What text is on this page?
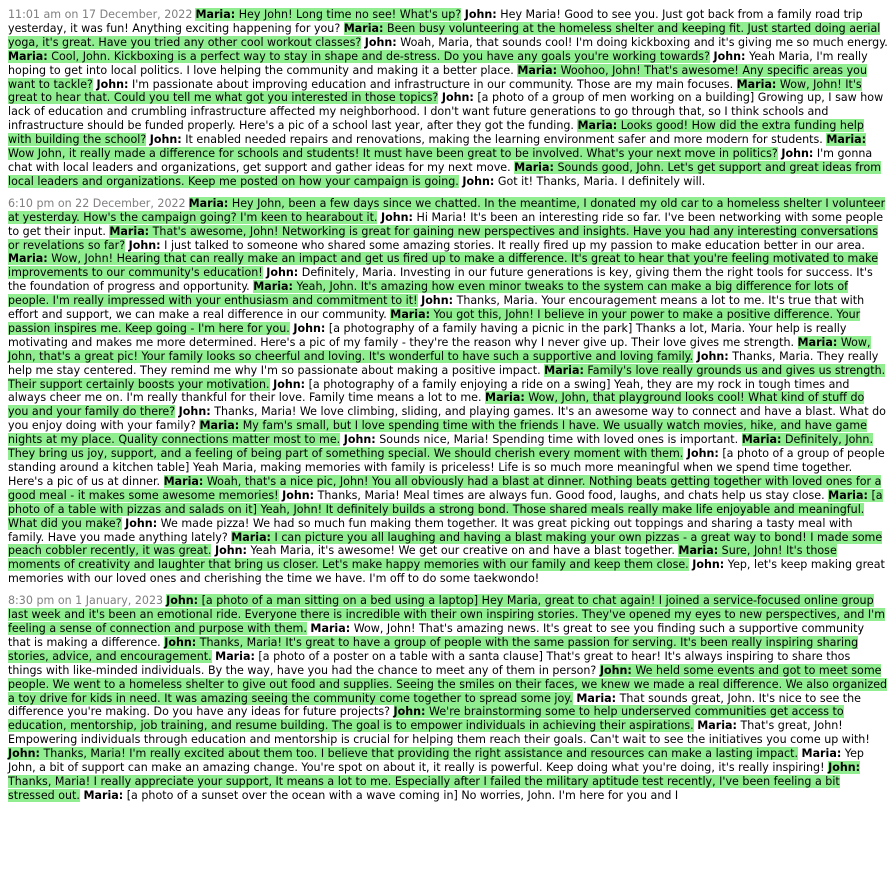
11:01 am on 17 December, 2022 Maria: Hey John! Long time no see! What's up? John: Hey Maria! Good to see you. Just got back from a family road trip yesterday, it was fun! Anything exciting happening for you? Maria: Been busy volunteering at the homeless shelter and keeping fit. Just started doing aerial yoga, it's great. Have you tried any other cool workout classes? John: Woah, Maria, that sounds cool! I'm doing kickboxing and it's giving me so much energy. Maria: Cool, John. Kickboxing is a perfect way to stay in shape and de-stress. Do you have any goals you're working towards? John: Yeah Maria, I'm really hoping to get into local politics. I love helping the community and making it a better place. Maria: Woohoo, John! That's awesome! Any specific areas you want to tackle? John: I'm passionate about improving education and infrastructure in our community. Those are my main focuses. Maria: Wow, John! It's great to hear that. Could you tell me what got you interested in those topics? John: [a photo of a group of men working on a building] Growing up, I saw how lack of education and crumbling infrastructure affected my neighborhood. I don't want future generations to go through that, so I think schools and infrastructure should be funded properly. Here's a pic of a school last year, after they got the funding. Maria: Looks good! How did the extra funding help with building the school? John: It enabled needed repairs and renovations, making the learning environment safer and more modern for students. Maria: Wow John, it really made a difference for schools and students! It must have been great to be involved. What's your next move in politics? John: I'm gonna chat with local leaders and organizations, get support and gather ideas for my next move. Maria: Sounds good, John. Let's get support and great ideas from local leaders and organizations. Keep me posted on how your campaign is going. John: Got it! Thanks, Maria. I definitely will.
6:10 pm on 22 December, 2022 Maria: Hey John, been a few days since we chatted. In the meantime, I donated my old car to a homeless shelter I volunteer at yesterday. How's the campaign going? I'm keen to hearabout it. John: Hi Maria! It's been an interesting ride so far. I've been networking with some people to get their input. Maria: That's awesome, John! Networking is great for gaining new perspectives and insights. Have you had any interesting conversations or revelations so far? John: I just talked to someone who shared some amazing stories. It really fired up my passion to make education better in our area. Maria: Wow, John! Hearing that can really make an impact and get us fired up to make a difference. It's great to hear that you're feeling motivated to make improvements to our community's education! John: Definitely, Maria. Investing in our future generations is key, giving them the right tools for success. It's the foundation of progress and opportunity. Maria: Yeah, John. It's amazing how even minor tweaks to the system can make a big difference for lots of people. I'm really impressed with your enthusiasm and commitment to it! John: Thanks, Maria. Your encouragement means a lot to me. It's true that with effort and support, we can make a real difference in our community. Maria: You got this, John! I believe in your power to make a positive difference. Your passion inspires me. Keep going - I'm here for you. John: [a photography of a family having a picnic in the park] Thanks a lot, Maria. Your help is really motivating and makes me more determined. Here's a pic of my family - they're the reason why I never give up. Their love gives me strength. Maria: Wow, John, that's a great pic! Your family looks so cheerful and loving. It's wonderful to have such a supportive and loving family. John: Thanks, Maria. They really help me stay centered. They remind me why I'm so passionate about making a positive impact. Maria: Family's love really grounds us and gives us strength. Their support certainly boosts your motivation. John: [a photography of a family enjoying a ride on a swing] Yeah, they are my rock in tough times and always cheer me on. I'm really thankful for their love. Family time means a lot to me. Maria: Wow, John, that playground looks cool! What kind of stuff do you and your family do there? John: Thanks, Maria! We love climbing, sliding, and playing games. It's an awesome way to connect and have a blast. What do you enjoy doing with your family? Maria: My fam's small, but I love spending time with the friends I have. We usually watch movies, hike, and have game nights at my place. Quality connections matter most to me. John: Sounds nice, Maria! Spending time with loved ones is important. Maria: Definitely, John. They bring us joy, support, and a feeling of being part of something special. We should cherish every moment with them. John: [a photo of a group of people standing around a kitchen table] Yeah Maria, making memories with family is priceless! Life is so much more meaningful when we spend time together. Here's a pic of us at dinner. Maria: Woah, that's a nice pic, John! You all obviously had a blast at dinner. Nothing beats getting together with loved ones for a good meal - it makes some awesome memories! John: Thanks, Maria! Meal times are always fun. Good food, laughs, and chats help us stay close. Maria: [a photo of a table with pizzas and salads on it] Yeah, John! It definitely builds a strong bond. Those shared meals really make life enjoyable and meaningful. What did you make? John: We made pizza! We had so much fun making them together. It was great picking out toppings and sharing a tasty meal with family. Have you made anything lately? Maria: I can picture you all laughing and having a blast making your own pizzas - a great way to bond! I made some peach cobbler recently, it was great. John: Yeah Maria, it's awesome! We get our creative on and have a blast together. Maria: Sure, John! It's those moments of creativity and laughter that bring us closer. Let's make happy memories with our family and keep them close. John: Yep, let's keep making great memories with our loved ones and cherishing the time we have. I'm off to do some taekwondo!
8:30 pm on 1 January, 2023 John: [a photo of a man sitting on a bed using a laptop] Hey Maria, great to chat again! I joined a service-focused online group last week and it's been an emotional ride. Everyone there is incredible with their own inspiring stories. They've opened my eyes to new perspectives, and I'm feeling a sense of connection and purpose with them. Maria: Wow, John! That's amazing news. It's great to see you finding such a supportive community that is making a difference. John: Thanks, Maria! It's great to have a group of people with the same passion for serving. It's been really inspiring sharing stories, advice, and encouragement. Maria: [a photo of a poster on a table with a santa clause] That's great to hear! It's always inspiring to share thos things with like-minded individuals. By the way, have you had the chance to meet any of them in person? John: We held some events and got to meet some people. We went to a homeless shelter to give out food and supplies. Seeing the smiles on their faces, we knew we made a real difference. We also organized a toy drive for kids in need. It was amazing seeing the community come together to spread some joy. Maria: That sounds great, John. It's nice to see the difference you're making. Do you have any ideas for future projects? John: We're brainstorming some to help underserved communities get access to education, mentorship, job training, and resume building. The goal is to empower individuals in achieving their aspirations. Maria: That's great, John! Empowering individuals through education and mentorship is crucial for helping them reach their goals. Can't wait to see the initiatives you come up with! John: Thanks, Maria! I'm really excited about them too. I believe that providing the right assistance and resources can make a lasting impact. Maria: Yep John, a bit of support can make an amazing change. You're spot on about it, it really is powerful. Keep doing what you're doing, it's really inspiring! John: Thanks, Maria! I really appreciate your support, It means a lot to me. Especially after I failed the military aptitude test recently, I've been feeling a bit stressed out. Maria: [a photo of a sunset over the ocean with a wave coming in] No worries, John. I'm here for you and I
